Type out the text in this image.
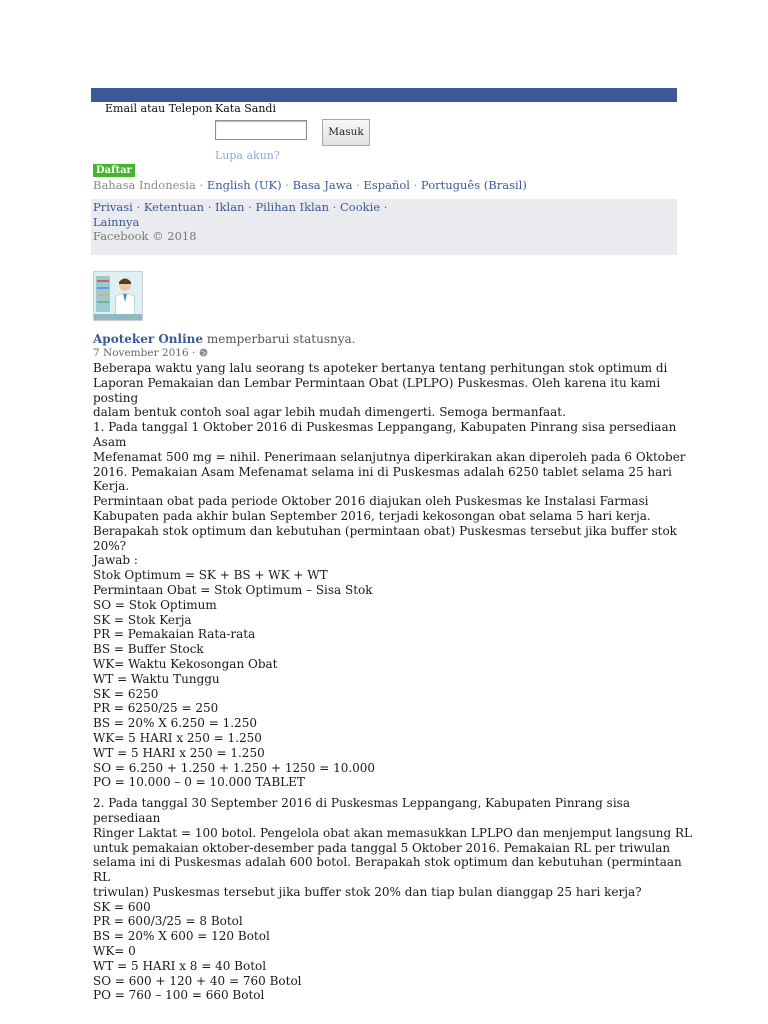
Email atau Telepon Kata Sandi
Masuk
Lupa akun?
Daftar
Bahasa Indonesia · English (UK) · Basa Jawa · Español · Português (Brasil)
Privasi · Ketentuan · Iklan · Pilihan Iklan · Cookie ·
Lainnya
Facebook © 2018
Apoteker Online memperbarui statusnya.
7 November 2016 ·

Beberapa waktu yang lalu seorang ts apoteker bertanya tentang perhitungan stok optimum di

Laporan Pemakaian dan Lembar Permintaan Obat (LPLPO) Puskesmas. Oleh karena itu kami posting

dalam bentuk contoh soal agar lebih mudah dimengerti. Semoga bermanfaat.

1. Pada tanggal 1 Oktober 2016 di Puskesmas Leppangang, Kabupaten Pinrang sisa persediaan Asam

Mefenamat 500 mg = nihil. Penerimaan selanjutnya diperkirakan akan diperoleh pada 6 Oktober

2016. Pemakaian Asam Mefenamat selama ini di Puskesmas adalah 6250 tablet selama 25 hari Kerja.

Permintaan obat pada periode Oktober 2016 diajukan oleh Puskesmas ke Instalasi Farmasi

Kabupaten pada akhir bulan September 2016, terjadi kekosongan obat selama 5 hari kerja.

Berapakah stok optimum dan kebutuhan (permintaan obat) Puskesmas tersebut jika buffer stok

20%?

Jawab :

Stok Optimum = SK + BS + WK + WT

Permintaan Obat = Stok Optimum – Sisa Stok

SO = Stok Optimum

SK = Stok Kerja

PR = Pemakaian Rata-rata

BS = Buffer Stock

WK= Waktu Kekosongan Obat

WT = Waktu Tunggu

SK = 6250

PR = 6250/25 = 250

BS = 20% X 6.250 = 1.250

WK= 5 HARI x 250 = 1.250

WT = 5 HARI x 250 = 1.250

SO = 6.250 + 1.250 + 1.250 + 1250 = 10.000

PO = 10.000 – 0 = 10.000 TABLET

2. Pada tanggal 30 September 2016 di Puskesmas Leppangang, Kabupaten Pinrang sisa persediaan

Ringer Laktat = 100 botol. Pengelola obat akan memasukkan LPLPO dan menjemput langsung RL

untuk pemakaian oktober-desember pada tanggal 5 Oktober 2016. Pemakaian RL per triwulan

selama ini di Puskesmas adalah 600 botol. Berapakah stok optimum dan kebutuhan (permintaan RL

triwulan) Puskesmas tersebut jika buffer stok 20% dan tiap bulan dianggap 25 hari kerja?

SK = 600

PR = 600/3/25 = 8 Botol

BS = 20% X 600 = 120 Botol

WK= 0

WT = 5 HARI x 8 = 40 Botol

SO = 600 + 120 + 40 = 760 Botol

PO = 760 – 100 = 660 Botol
